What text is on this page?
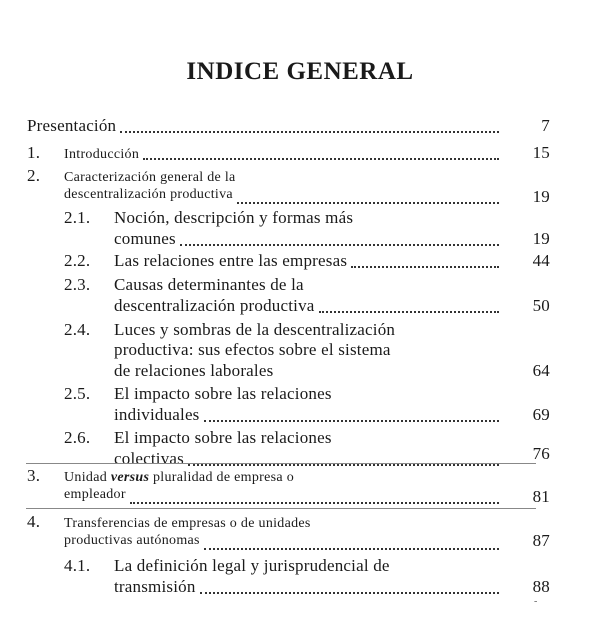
INDICE GENERAL
Presentación	7
1.	Introducción	15
2.	Caracterización general de la
descentralización productiva	19
2.1.	Noción, descripción y formas más
comunes	19
2.2.	Las relaciones entre las empresas	44
2.3.	Causas determinantes de la
descentralización productiva	50
2.4.	Luces y sombras de la descentralización
productiva: sus efectos sobre el sistema
de relaciones laborales	64
2.5.	El impacto sobre las relaciones
individuales	69
2.6.	El impacto sobre las relaciones
colectivas	76
3.	Unidad versus pluralidad de empresa o
empleador	81
4.	Transferencias de empresas o de unidades
productivas autónomas	87
4.1.	La definición legal y jurisprudencial de
transmisión	88
-
